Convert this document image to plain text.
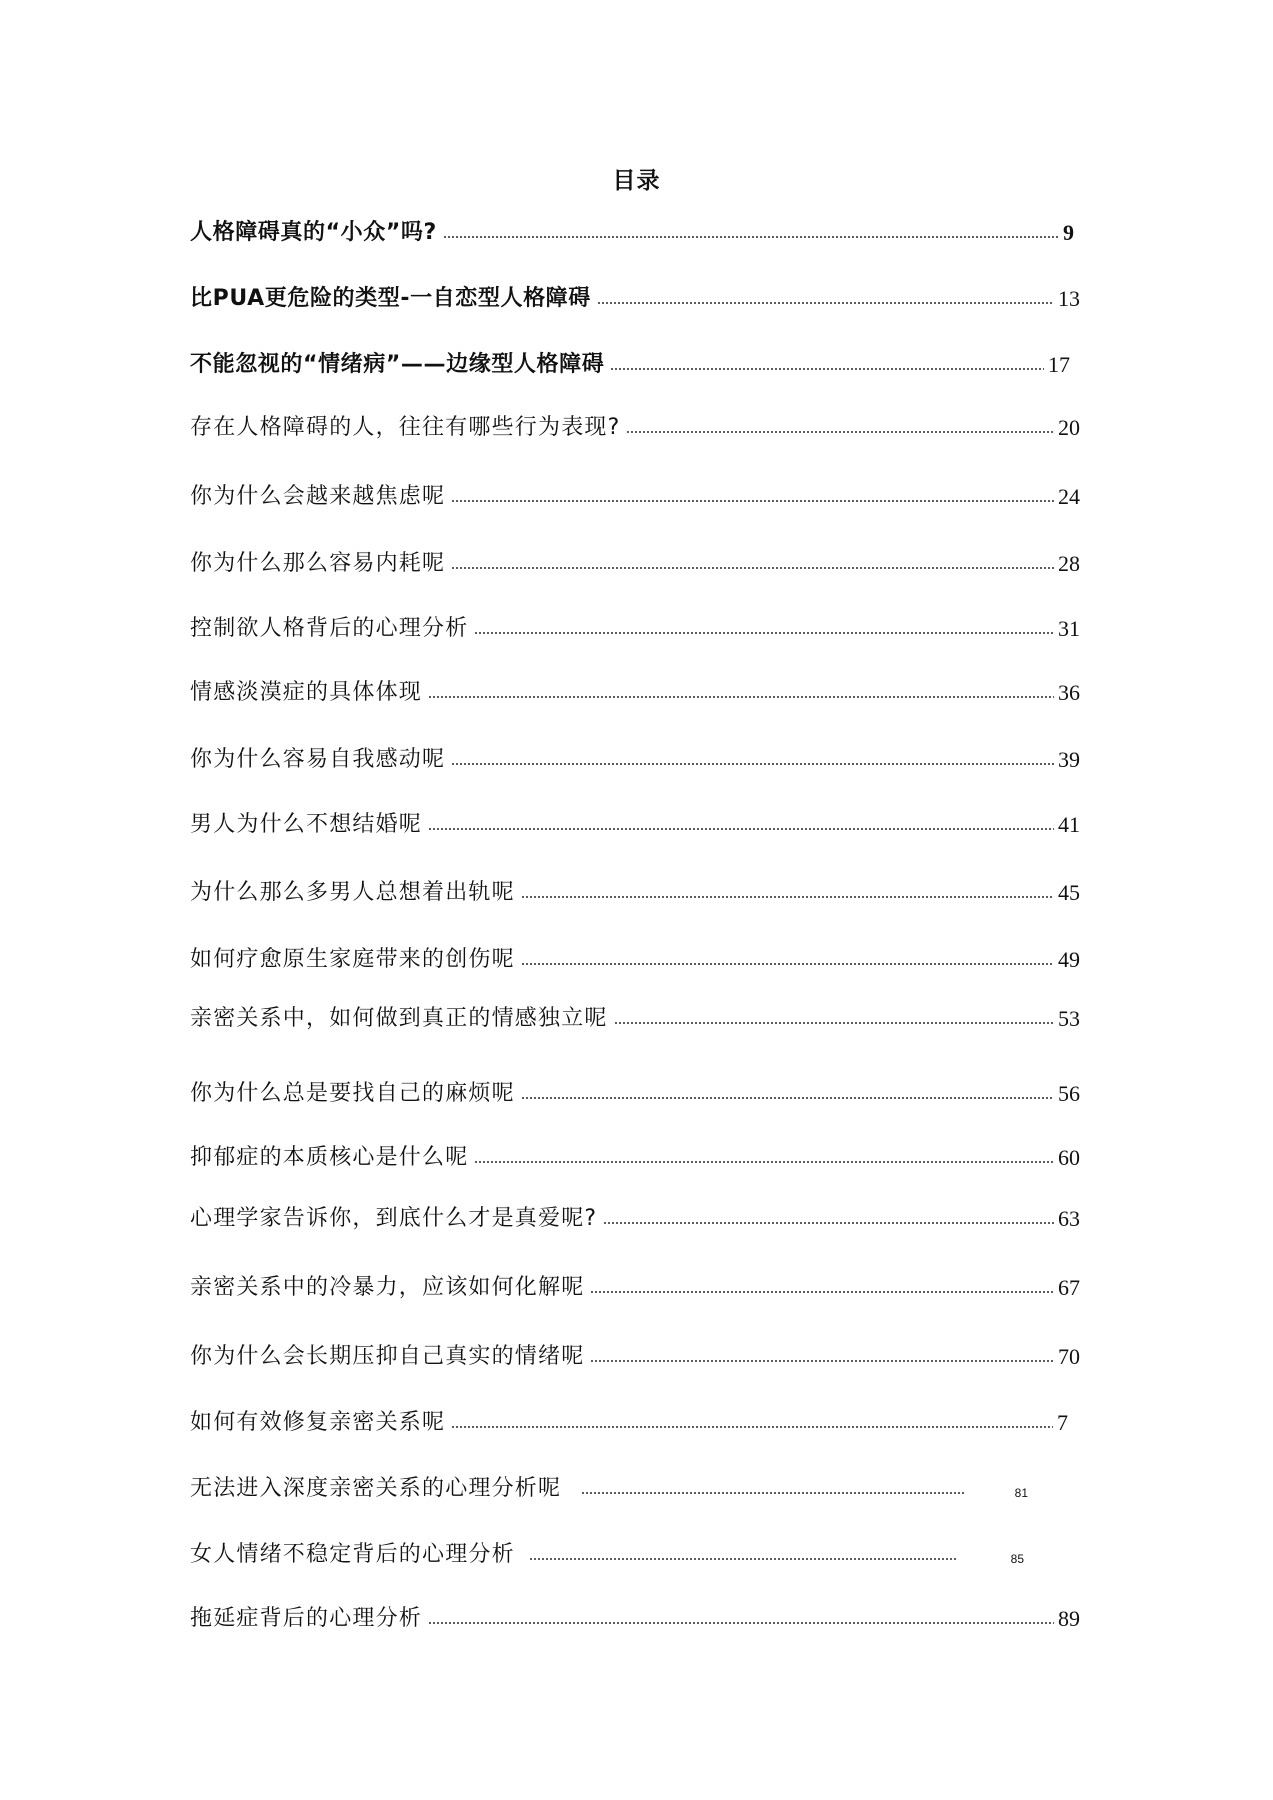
目录
人格障碍真的“小众”吗?	9
比PUA更危险的类型-一自恋型人格障碍	13
不能忽视的“情绪病”——边缘型人格障碍	17
存在人格障碍的人，往往有哪些行为表现?	20
你为什么会越来越焦虑呢	24
你为什么那么容易内耗呢	28
控制欲人格背后的心理分析	31
情感淡漠症的具体体现	36
你为什么容易自我感动呢	39
男人为什么不想结婚呢	41
为什么那么多男人总想着出轨呢	45
如何疗愈原生家庭带来的创伤呢	49
亲密关系中，如何做到真正的情感独立呢	53
你为什么总是要找自己的麻烦呢	56
抑郁症的本质核心是什么呢	60
心理学家告诉你，到底什么才是真爱呢?	63
亲密关系中的冷暴力，应该如何化解呢	67
你为什么会长期压抑自己真实的情绪呢	70
如何有效修复亲密关系呢	7
无法进入深度亲密关系的心理分析呢	81
女人情绪不稳定背后的心理分析	85
拖延症背后的心理分析	89
